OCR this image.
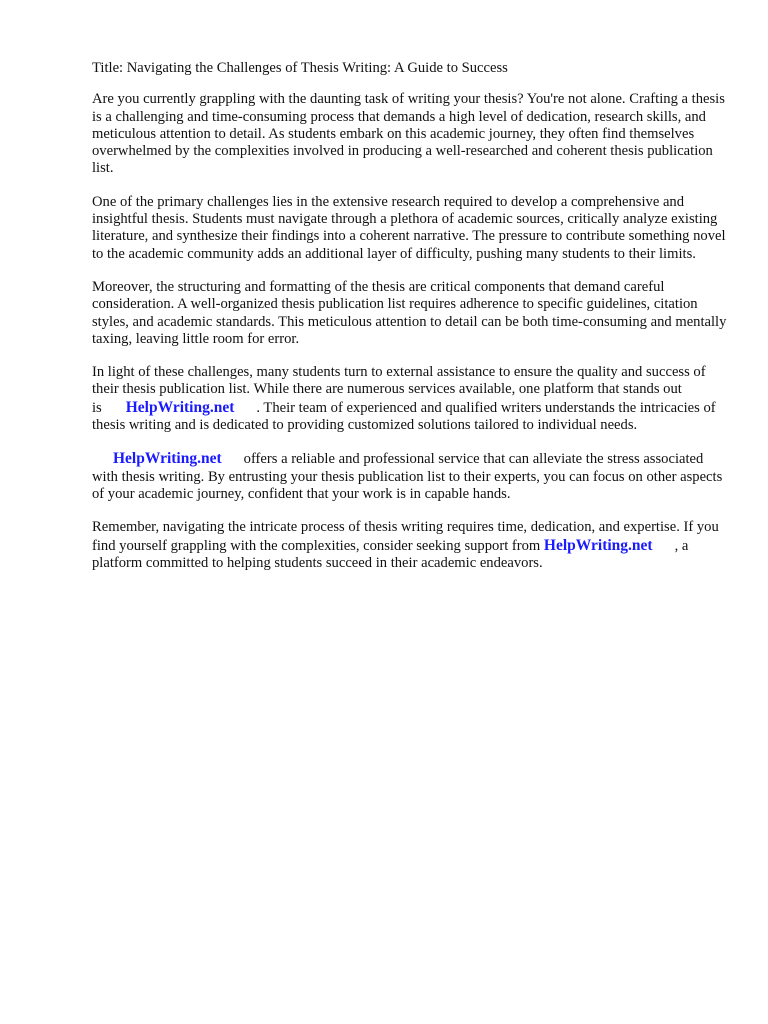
Title: Navigating the Challenges of Thesis Writing: A Guide to Success

Are you currently grappling with the daunting task of writing your thesis? You're not alone. Crafting a thesis is a challenging and time-consuming process that demands a high level of dedication, research skills, and meticulous attention to detail. As students embark on this academic journey, they often find themselves overwhelmed by the complexities involved in producing a well-researched and coherent thesis publication list.

One of the primary challenges lies in the extensive research required to develop a comprehensive and insightful thesis. Students must navigate through a plethora of academic sources, critically analyze existing literature, and synthesize their findings into a coherent narrative. The pressure to contribute something novel to the academic community adds an additional layer of difficulty, pushing many students to their limits.

Moreover, the structuring and formatting of the thesis are critical components that demand careful consideration. A well-organized thesis publication list requires adherence to specific guidelines, citation styles, and academic standards. This meticulous attention to detail can be both time-consuming and mentally taxing, leaving little room for error.

In light of these challenges, many students turn to external assistance to ensure the quality and success of their thesis publication list. While there are numerous services available, one platform that stands out is HelpWriting.net . Their team of experienced and qualified writers understands the intricacies of thesis writing and is dedicated to providing customized solutions tailored to individual needs.

HelpWriting.net offers a reliable and professional service that can alleviate the stress associated with thesis writing. By entrusting your thesis publication list to their experts, you can focus on other aspects of your academic journey, confident that your work is in capable hands.

Remember, navigating the intricate process of thesis writing requires time, dedication, and expertise. If you find yourself grappling with the complexities, consider seeking support from HelpWriting.net , a platform committed to helping students succeed in their academic endeavors.
